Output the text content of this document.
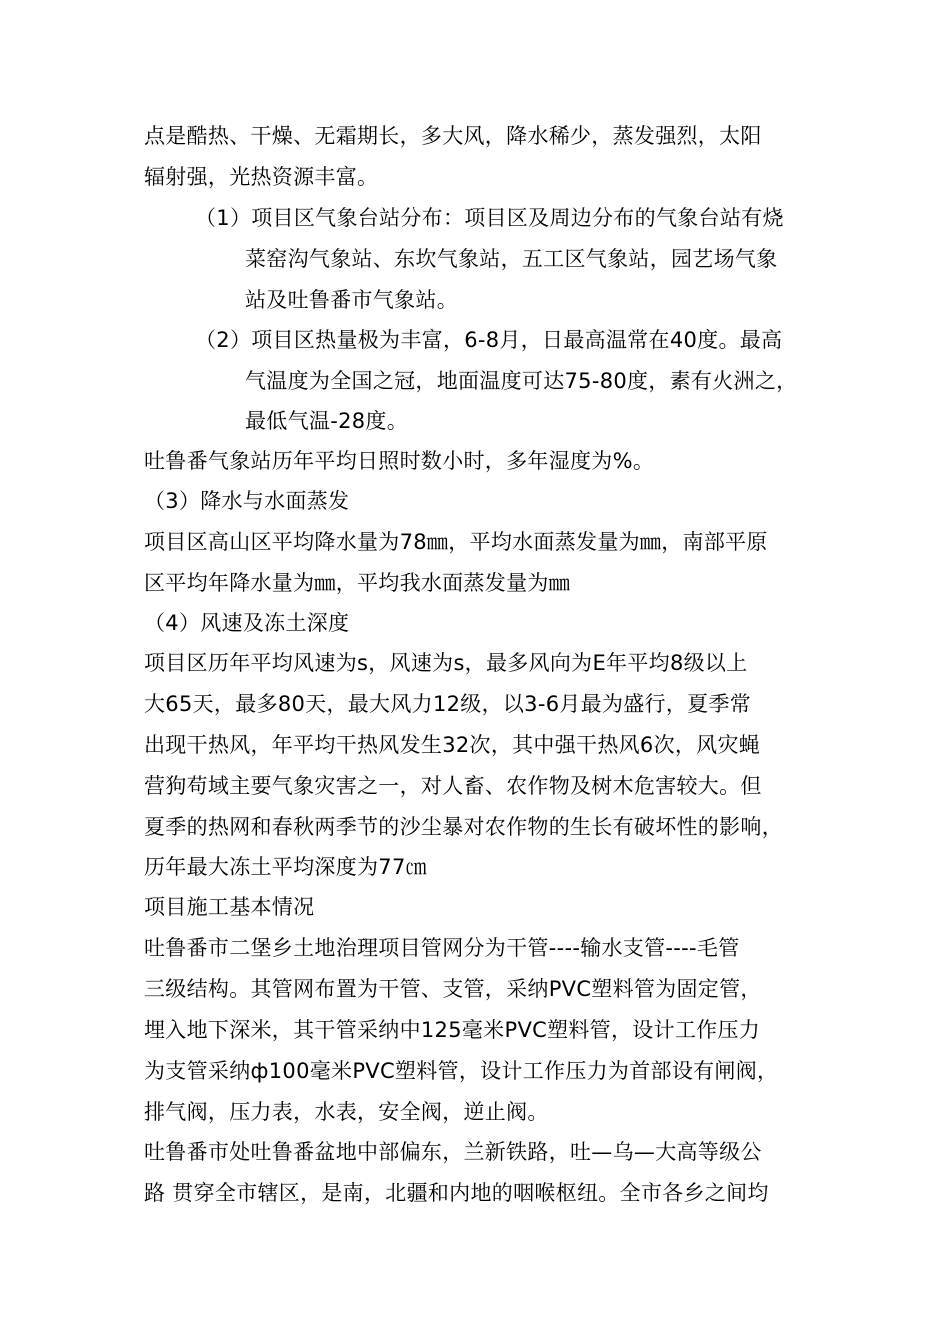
点是酷热、干燥、无霜期长，多大风，降水稀少，蒸发强烈，太阳
辐射强，光热资源丰富。
（1）项目区气象台站分布：项目区及周边分布的气象台站有烧
菜窑沟气象站、东坎气象站，五工区气象站，园艺场气象
站及吐鲁番市气象站。
（2）项目区热量极为丰富，6-8月，日最高温常在40度。最高
气温度为全国之冠，地面温度可达75-80度，素有火洲之，
最低气温-28度。
吐鲁番气象站历年平均日照时数小时，多年湿度为%。
（3）降水与水面蒸发
项目区高山区平均降水量为78㎜，平均水面蒸发量为㎜，南部平原
区平均年降水量为㎜，平均我水面蒸发量为㎜
（4）风速及冻土深度
项目区历年平均风速为s，风速为s，最多风向为E年平均8级以上
大65天，最多80天，最大风力12级，以3-6月最为盛行，夏季常
出现干热风，年平均干热风发生32次，其中强干热风6次，风灾蝇
营狗苟域主要气象灾害之一，对人畜、农作物及树木危害较大。但
夏季的热网和春秋两季节的沙尘暴对农作物的生长有破坏性的影响，
历年最大冻土平均深度为77㎝
项目施工基本情况
吐鲁番市二堡乡土地治理项目管网分为干管----输水支管----毛管
三级结构。其管网布置为干管、支管，采纳PVC塑料管为固定管，
埋入地下深米，其干管采纳中125毫米PVC塑料管，设计工作压力
为支管采纳ф100毫米PVC塑料管，设计工作压力为首部设有闸阀，
排气阀，压力表，水表，安全阀，逆止阀。
吐鲁番市处吐鲁番盆地中部偏东，兰新铁路，吐—乌—大高等级公
路 贯穿全市辖区，是南，北疆和内地的咽喉枢纽。全市各乡之间均
